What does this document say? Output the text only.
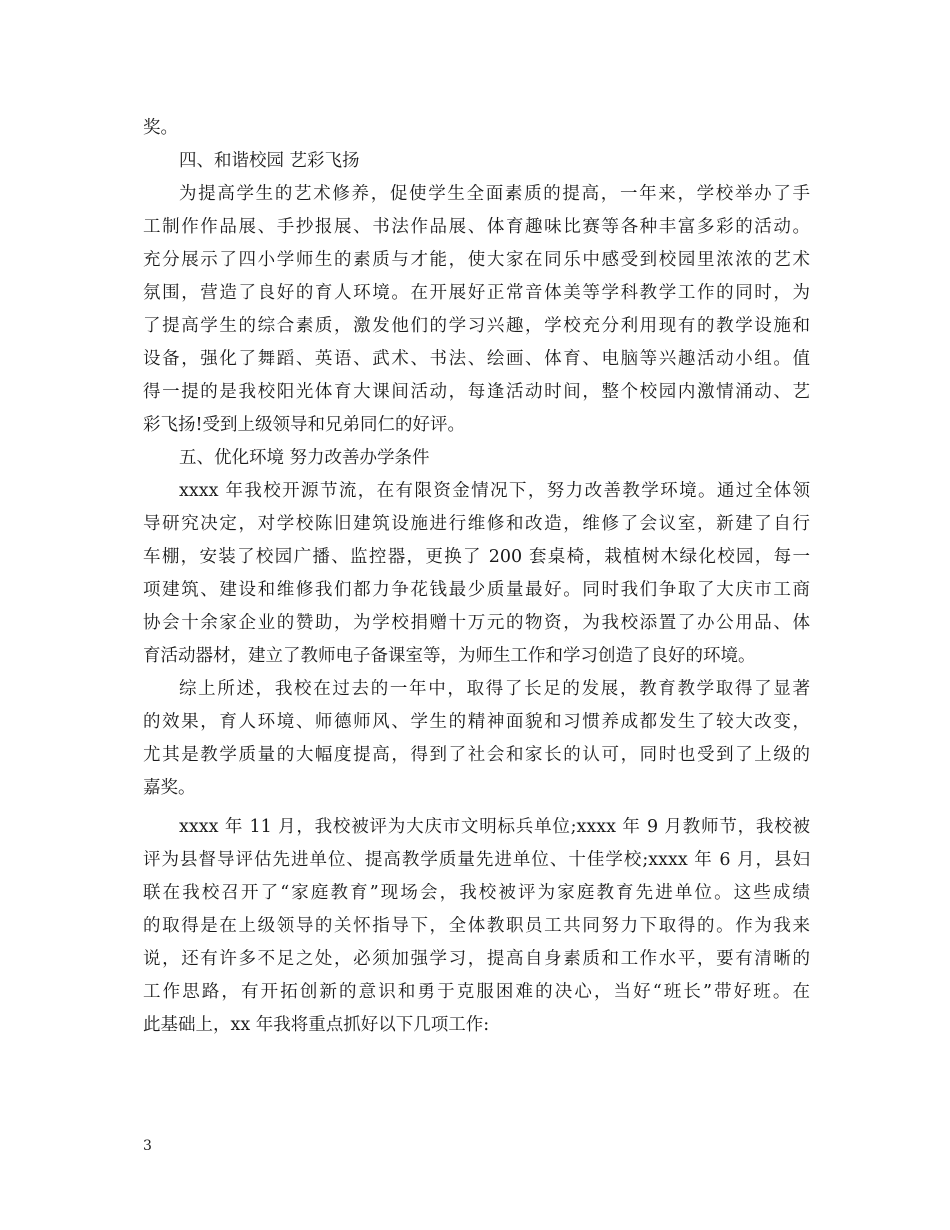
奖。
四、和谐校园 艺彩飞扬
为提高学生的艺术修养，促使学生全面素质的提高，一年来，学校举办了手
工制作作品展、手抄报展、书法作品展、体育趣味比赛等各种丰富多彩的活动。
充分展示了四小学师生的素质与才能，使大家在同乐中感受到校园里浓浓的艺术
氛围，营造了良好的育人环境。在开展好正常音体美等学科教学工作的同时，为
了提高学生的综合素质，激发他们的学习兴趣，学校充分利用现有的教学设施和
设备，强化了舞蹈、英语、武术、书法、绘画、体育、电脑等兴趣活动小组。值
得一提的是我校阳光体育大课间活动，每逢活动时间，整个校园内激情涌动、艺
彩飞扬!受到上级领导和兄弟同仁的好评。
五、优化环境 努力改善办学条件
xxxx 年我校开源节流，在有限资金情况下，努力改善教学环境。通过全体领
导研究决定，对学校陈旧建筑设施进行维修和改造，维修了会议室，新建了自行
车棚，安装了校园广播、监控器，更换了 200 套桌椅，栽植树木绿化校园，每一
项建筑、建设和维修我们都力争花钱最少质量最好。同时我们争取了大庆市工商
协会十余家企业的赞助，为学校捐赠十万元的物资，为我校添置了办公用品、体
育活动器材，建立了教师电子备课室等，为师生工作和学习创造了良好的环境。
综上所述，我校在过去的一年中，取得了长足的发展，教育教学取得了显著
的效果，育人环境、师德师风、学生的精神面貌和习惯养成都发生了较大改变，
尤其是教学质量的大幅度提高，得到了社会和家长的认可，同时也受到了上级的
嘉奖。
xxxx 年 11 月，我校被评为大庆市文明标兵单位;xxxx 年 9 月教师节，我校被
评为县督导评估先进单位、提高教学质量先进单位、十佳学校;xxxx 年 6 月，县妇
联在我校召开了“家庭教育”现场会，我校被评为家庭教育先进单位。这些成绩
的取得是在上级领导的关怀指导下，全体教职员工共同努力下取得的。作为我来
说，还有许多不足之处，必须加强学习，提高自身素质和工作水平，要有清晰的
工作思路，有开拓创新的意识和勇于克服困难的决心，当好“班长”带好班。在
此基础上，xx 年我将重点抓好以下几项工作:
3
